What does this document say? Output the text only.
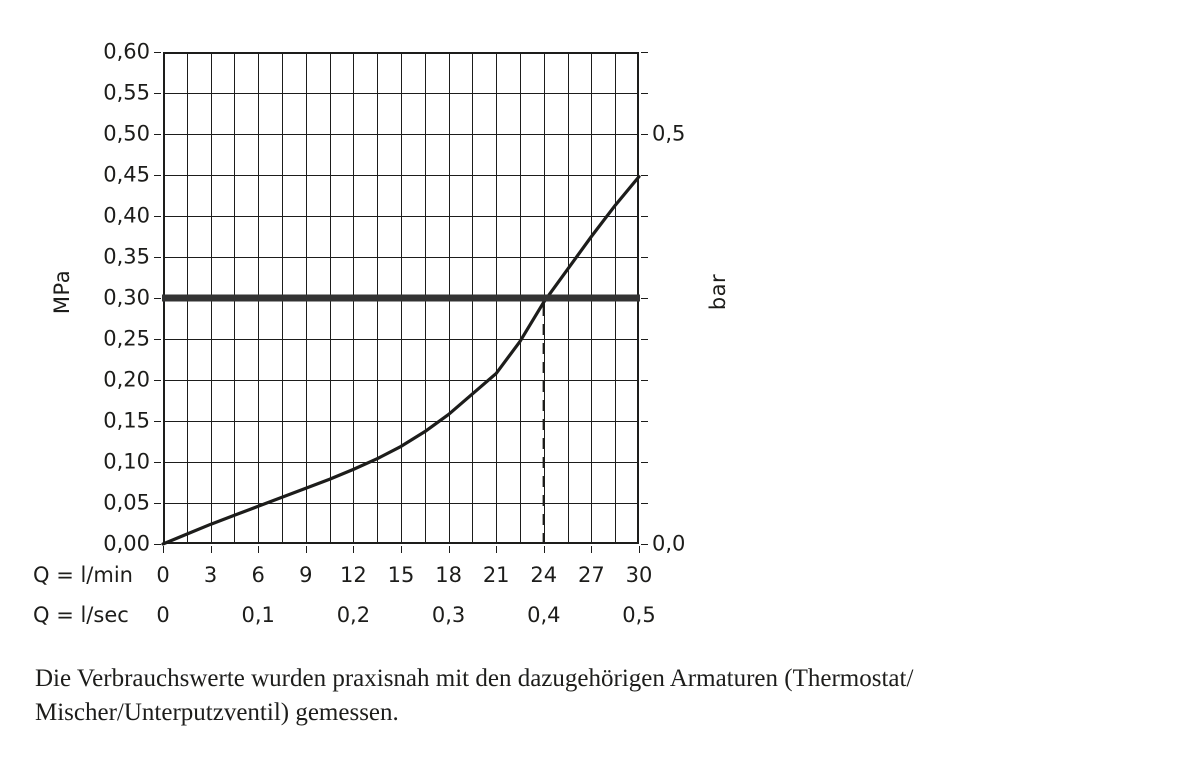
MPa	bar
0,60
0,55
0,50
0,45
0,40
0,35
0,30
0,25
0,20
0,15
0,10
0,05
0,00
0,5
0,0
Q = l/min	0 3 6 9 12 15 18 21 24 27 30
Q = l/sec	0	0,1	0,2	0,3	0,4	0,5
Die Verbrauchswerte wurden praxisnah mit den dazugehörigen Armaturen (Thermostat/ Mischer/Unterputzventil) gemessen.
